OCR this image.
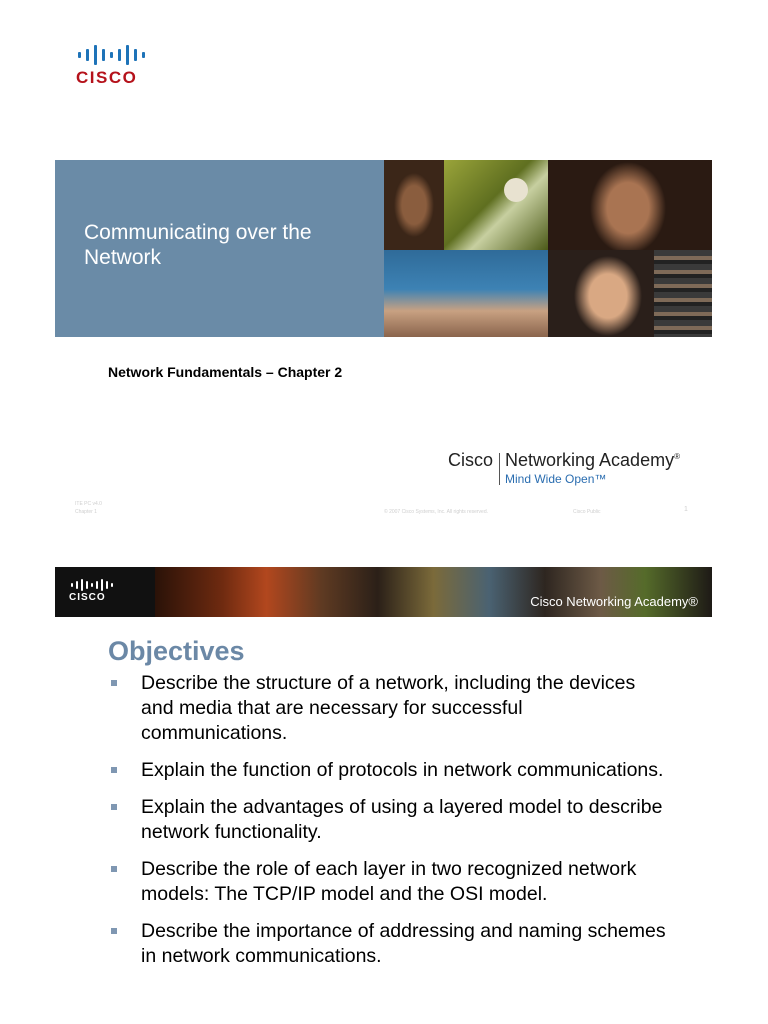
CISCO
Communicating over the Network
Network Fundamentals – Chapter 2
Cisco Networking Academy®
Mind Wide Open™
ITE PC v4.0
Chapter 1	© 2007 Cisco Systems, Inc. All rights reserved.	Cisco Public	1
CISCO	Cisco Networking Academy®
Objectives
Describe the structure of a network, including the devices and media that are necessary for successful communications.
Explain the function of protocols in network communications.
Explain the advantages of using a layered model to describe network functionality.
Describe the role of each layer in two recognized network models: The TCP/IP model and the OSI model.
Describe the importance of addressing and naming schemes in network communications.
